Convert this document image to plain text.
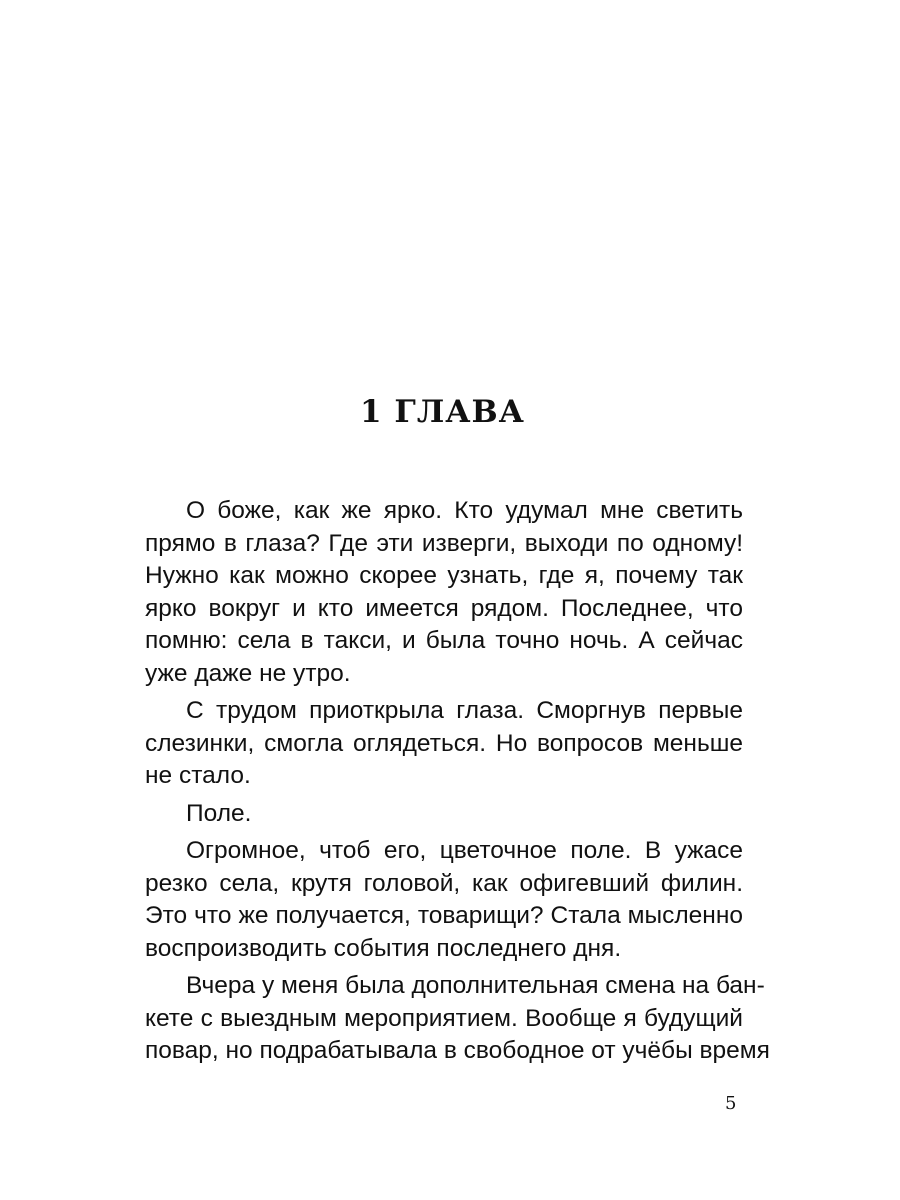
1 ГЛАВА
О боже, как же ярко. Кто удумал мне светить
прямо в глаза? Где эти изверги, выходи по одному!
Нужно как можно скорее узнать, где я, почему так
ярко вокруг и кто имеется рядом. Последнее, что
помню: села в такси, и была точно ночь. А сейчас
уже даже не утро.
С трудом приоткрыла глаза. Сморгнув первые
слезинки, смогла оглядеться. Но вопросов меньше
не стало.
Поле.
Огромное, чтоб его, цветочное поле. В ужасе
резко села, крутя головой, как офигевший филин.
Это что же получается, товарищи? Стала мысленно
воспроизводить события последнего дня.
Вчера у меня была дополнительная смена на бан-
кете с выездным мероприятием. Вообще я будущий
повар, но подрабатывала в свободное от учёбы время
5
